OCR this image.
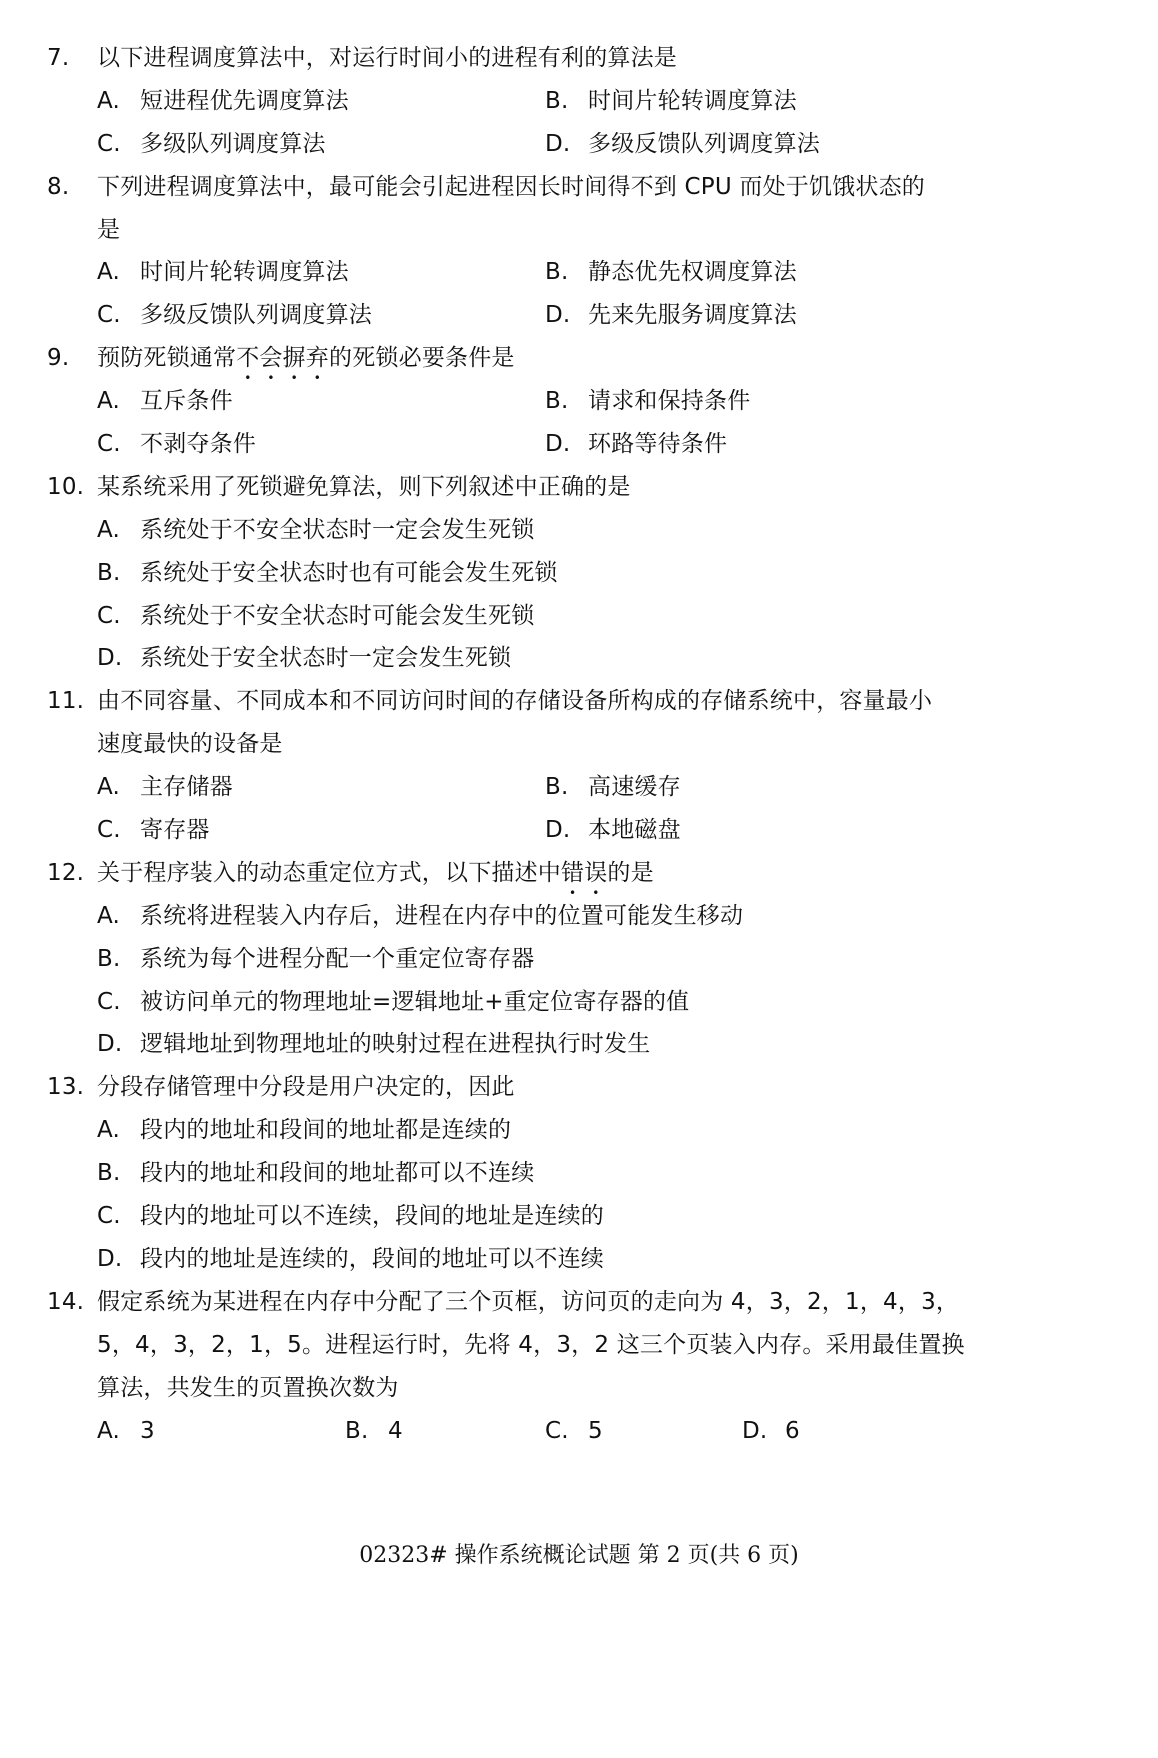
7. 以下进程调度算法中，对运行时间小的进程有利的算法是
A. 短进程优先调度算法	B. 时间片轮转调度算法
C. 多级队列调度算法	D. 多级反馈队列调度算法
8. 下列进程调度算法中，最可能会引起进程因长时间得不到 CPU 而处于饥饿状态的
是
A. 时间片轮转调度算法	B. 静态优先权调度算法
C. 多级反馈队列调度算法	D. 先来先服务调度算法
9. 预防死锁通常不会摒弃的死锁必要条件是
A. 互斥条件	B. 请求和保持条件
C. 不剥夺条件	D. 环路等待条件
10. 某系统采用了死锁避免算法，则下列叙述中正确的是
A. 系统处于不安全状态时一定会发生死锁
B. 系统处于安全状态时也有可能会发生死锁
C. 系统处于不安全状态时可能会发生死锁
D. 系统处于安全状态时一定会发生死锁
11. 由不同容量、不同成本和不同访问时间的存储设备所构成的存储系统中，容量最小
速度最快的设备是
A. 主存储器	B. 高速缓存
C. 寄存器	D. 本地磁盘
12. 关于程序装入的动态重定位方式，以下描述中错误的是
A. 系统将进程装入内存后，进程在内存中的位置可能发生移动
B. 系统为每个进程分配一个重定位寄存器
C. 被访问单元的物理地址=逻辑地址+重定位寄存器的值
D. 逻辑地址到物理地址的映射过程在进程执行时发生
13. 分段存储管理中分段是用户决定的，因此
A. 段内的地址和段间的地址都是连续的
B. 段内的地址和段间的地址都可以不连续
C. 段内的地址可以不连续，段间的地址是连续的
D. 段内的地址是连续的，段间的地址可以不连续
14. 假定系统为某进程在内存中分配了三个页框，访问页的走向为 4，3，2，1，4，3，
5，4，3，2，1，5。进程运行时，先将 4，3，2 这三个页装入内存。采用最佳置换
算法，共发生的页置换次数为
A. 3	B. 4	C. 5	D. 6
02323# 操作系统概论试题 第 2 页(共 6 页)
